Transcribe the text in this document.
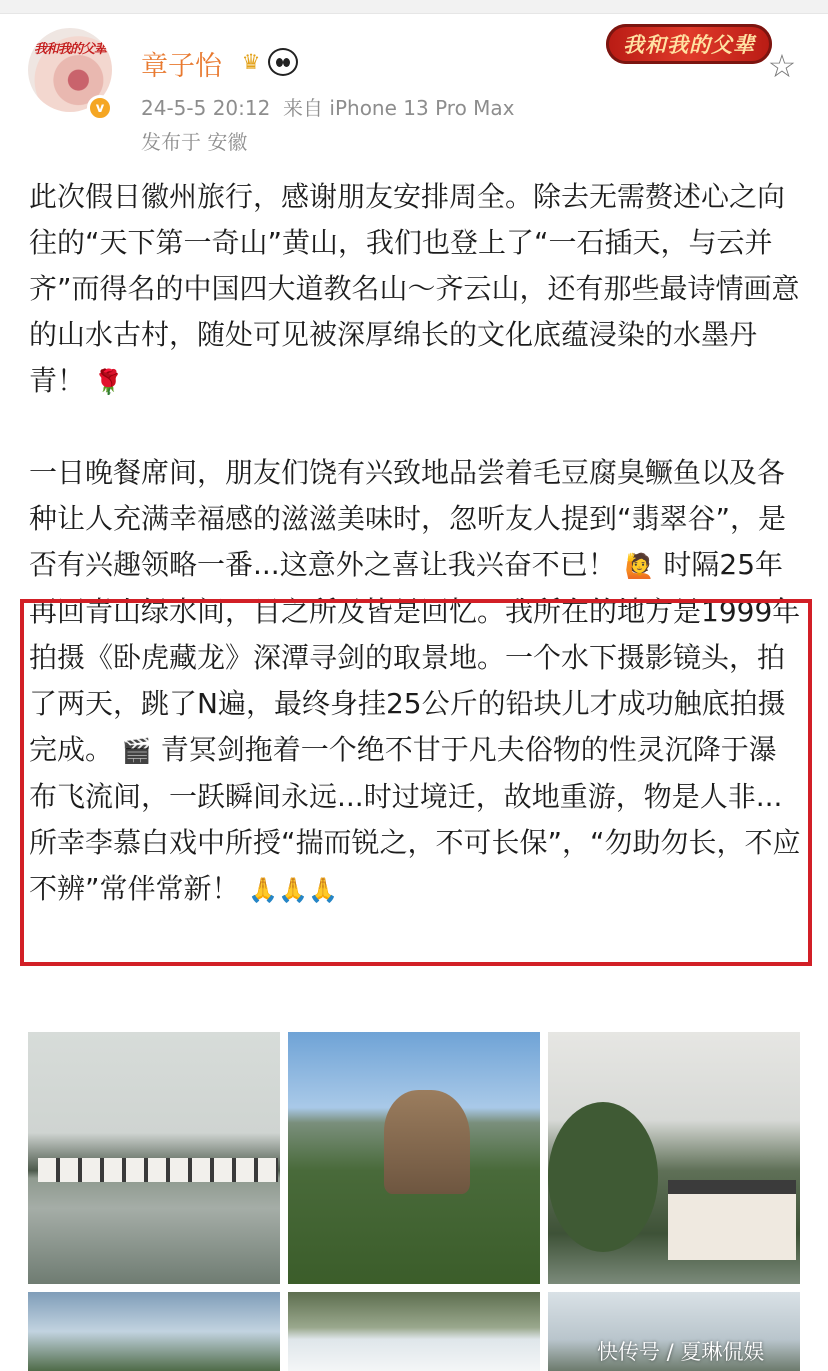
我和我的父辈
v
章子怡 ♛
24-5-5 20:12 来自 iPhone 13 Pro Max
发布于 安徽
我和我的父辈
☆
此次假日徽州旅行，感谢朋友安排周全。除去无需赘述心之向往的“天下第一奇山”黄山，我们也登上了“一石插天，与云并齐”而得名的中国四大道教名山～齐云山，还有那些最诗情画意的山水古村，随处可见被深厚绵长的文化底蕴浸染的水墨丹青！ 🌹
一日晚餐席间，朋友们饶有兴致地品尝着毛豆腐臭鳜鱼以及各种让人充满幸福感的滋滋美味时，忽听友人提到“翡翠谷”，是否有兴趣领略一番...这意外之喜让我兴奋不已！ 🙋 时隔25年再回青山绿水间，目之所及皆是回忆。我所在的地方是1999年拍摄《卧虎藏龙》深潭寻剑的取景地。一个水下摄影镜头，拍了两天，跳了N遍，最终身挂25公斤的铅块儿才成功触底拍摄完成。 🎬 青冥剑拖着一个绝不甘于凡夫俗物的性灵沉降于瀑布飞流间，一跃瞬间永远...时过境迁，故地重游，物是人非...所幸李慕白戏中所授“揣而锐之，不可长保”，“勿助勿长，不应不辨”常伴常新！ 🙏🙏🙏
快传号 / 夏琳侃娱
